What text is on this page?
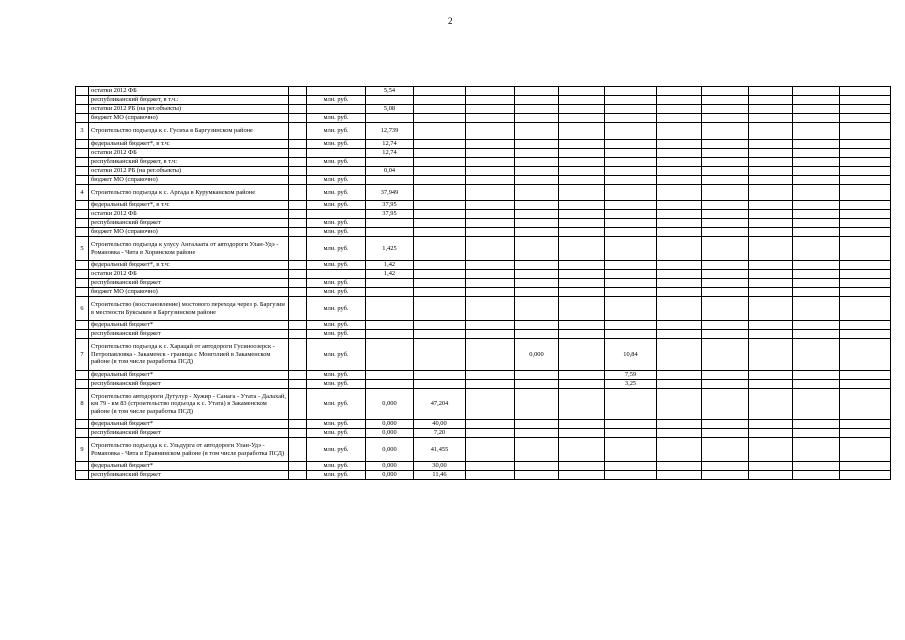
2
	остатки 2012 ФБ			5,54											
	республиканский бюджет, в т.ч.:		млн. руб.												
	остатки 2012 РБ (на рег.объекты)			5,08											
	бюджет МО (справочно)		млн. руб.												
3	Строительство подъезда к с. Гусиха в Баргузинском районе		млн. руб.	12,739											
	федеральный бюджет*, в т.ч:		млн. руб.	12,74											
	остатки 2012 ФБ			12,74											
	республиканский бюджет, в т.ч:		млн. руб.												
	остатки 2012 РБ (на рег.объекты)			0,04											
	бюджет МО (справочно)		млн. руб.												
4	Строительство подъезда к с. Аргада в Курумканском районе		млн. руб.	37,949											
	федеральный бюджет*, в т.ч:		млн. руб.	37,95											
	остатки 2012 ФБ			37,95											
	республиканский бюджет		млн. руб.												
	бюджет МО (справочно)		млн. руб.												
5	Строительство подъезда к улусу Ангалаата от автодороги Улан-Удэ - Романовка - Чита в Хоринском районе		млн. руб.	1,425											
	федеральный бюджет*, в т.ч:		млн. руб.	1,42											
	остатки 2012 ФБ			1,42											
	республиканский бюджет		млн. руб.												
	бюджет МО (справочно)		млн. руб.												
6	Строительство (восстановление) мостового перехода через р. Баргузин в местности Буксыкен в Баргузинском районе		млн. руб.												
	федеральный бюджет*		млн. руб.												
	республиканский бюджет		млн. руб.												
7	Строительство подъезда к с. Харацай от автодороги Гусиноозерск - Петропавловка - Закаменск - граница с Монголией в Закаменском районе (в том числе разработка ПСД)		млн. руб.				0,000		10,84						
	федеральный бюджет*		млн. руб.						7,59						
	республиканский бюджет		млн. руб.						3,25						
8	Строительство автодороги Дутулур - Хужир - Санага - Утата - Далахай, км 79 - км 83 (строительство подъезда к с. Утата) в Закаменском районе (в том числе разработка ПСД)		млн. руб.	0,000	47,204										
	федеральный бюджет*		млн. руб.	0,000	40,00										
	республиканский бюджет		млн. руб.	0,000	7,20										
9	Строительство подъезда к с. Ульдурга от автодороги Улан-Удэ - Романовка - Чита в Еравнинском районе (в том числе разработка ПСД)		млн. руб.	0,000	41,455										
	федеральный бюджет*		млн. руб.	0,000	30,00										
	республиканский бюджет		млн. руб.	0,000	11,46										
